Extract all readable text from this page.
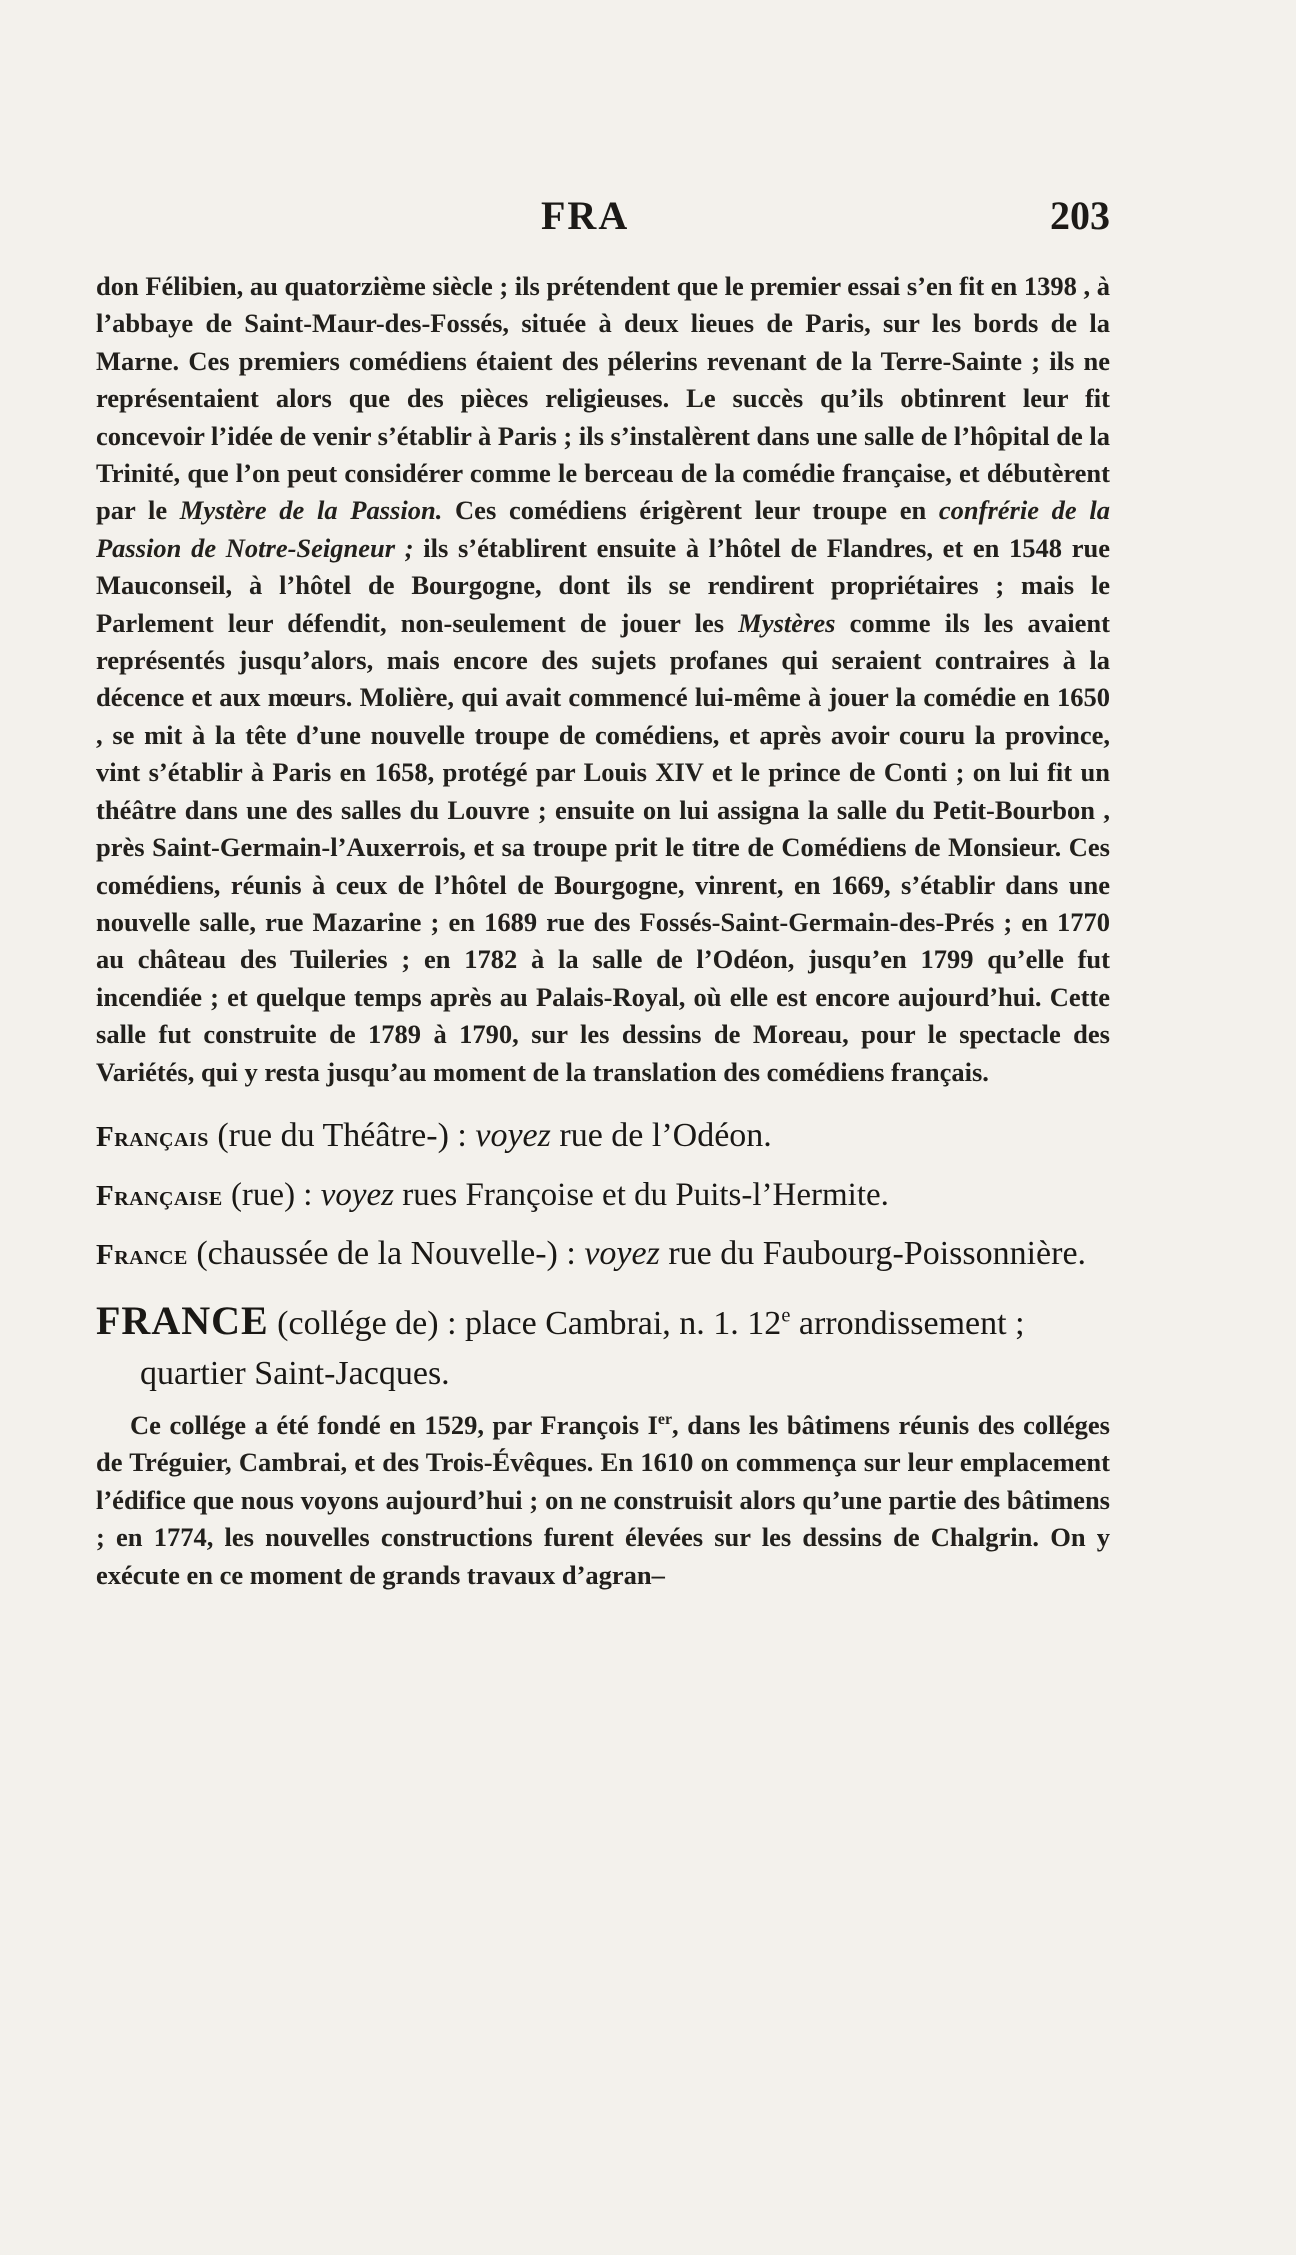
FRA	203

don Félibien, au quatorzième siècle ; ils prétendent que le premier essai s’en fit en 1398 , à l’abbaye de Saint-Maur-des-Fossés, située à deux lieues de Paris, sur les bords de la Marne. Ces premiers comédiens étaient des pélerins revenant de la Terre-Sainte ; ils ne représentaient alors que des pièces religieuses. Le succès qu’ils obtinrent leur fit concevoir l’idée de venir s’établir à Paris ; ils s’instalèrent dans une salle de l’hôpital de la Trinité, que l’on peut considérer comme le berceau de la comédie française, et débutèrent par le Mystère de la Passion. Ces comédiens érigèrent leur troupe en confrérie de la Passion de Notre-Seigneur ; ils s’établirent ensuite à l’hôtel de Flandres, et en 1548 rue Mauconseil, à l’hôtel de Bourgogne, dont ils se rendirent propriétaires ; mais le Parlement leur défendit, non-seulement de jouer les Mystères comme ils les avaient représentés jusqu’alors, mais encore des sujets profanes qui seraient contraires à la décence et aux mœurs. Molière, qui avait commencé lui-même à jouer la comédie en 1650 , se mit à la tête d’une nouvelle troupe de comédiens, et après avoir couru la province, vint s’établir à Paris en 1658, protégé par Louis XIV et le prince de Conti ; on lui fit un théâtre dans une des salles du Louvre ; ensuite on lui assigna la salle du Petit-Bourbon , près Saint-Germain-l’Auxerrois, et sa troupe prit le titre de Comédiens de Monsieur. Ces comédiens, réunis à ceux de l’hôtel de Bourgogne, vinrent, en 1669, s’établir dans une nouvelle salle, rue Mazarine ; en 1689 rue des Fossés-Saint-Germain-des-Prés ; en 1770 au château des Tuileries ; en 1782 à la salle de l’Odéon, jusqu’en 1799 qu’elle fut incendiée ; et quelque temps après au Palais-Royal, où elle est encore aujourd’hui. Cette salle fut construite de 1789 à 1790, sur les dessins de Moreau, pour le spectacle des Variétés, qui y resta jusqu’au moment de la translation des comédiens français.

Français (rue du Théâtre-) : voyez rue de l’Odéon.

Française (rue) : voyez rues Françoise et du Puits-l’Hermite.

France (chaussée de la Nouvelle-) : voyez rue du Faubourg-Poissonnière.

FRANCE (collége de) : place Cambrai, n. 1. 12e arrondissement ; quartier Saint-Jacques.

Ce collége a été fondé en 1529, par François Ier, dans les bâtimens réunis des colléges de Tréguier, Cambrai, et des Trois-Évêques. En 1610 on commença sur leur emplacement l’édifice que nous voyons aujourd’hui ; on ne construisit alors qu’une partie des bâtimens ; en 1774, les nouvelles constructions furent élevées sur les dessins de Chalgrin. On y exécute en ce moment de grands travaux d’agran–
